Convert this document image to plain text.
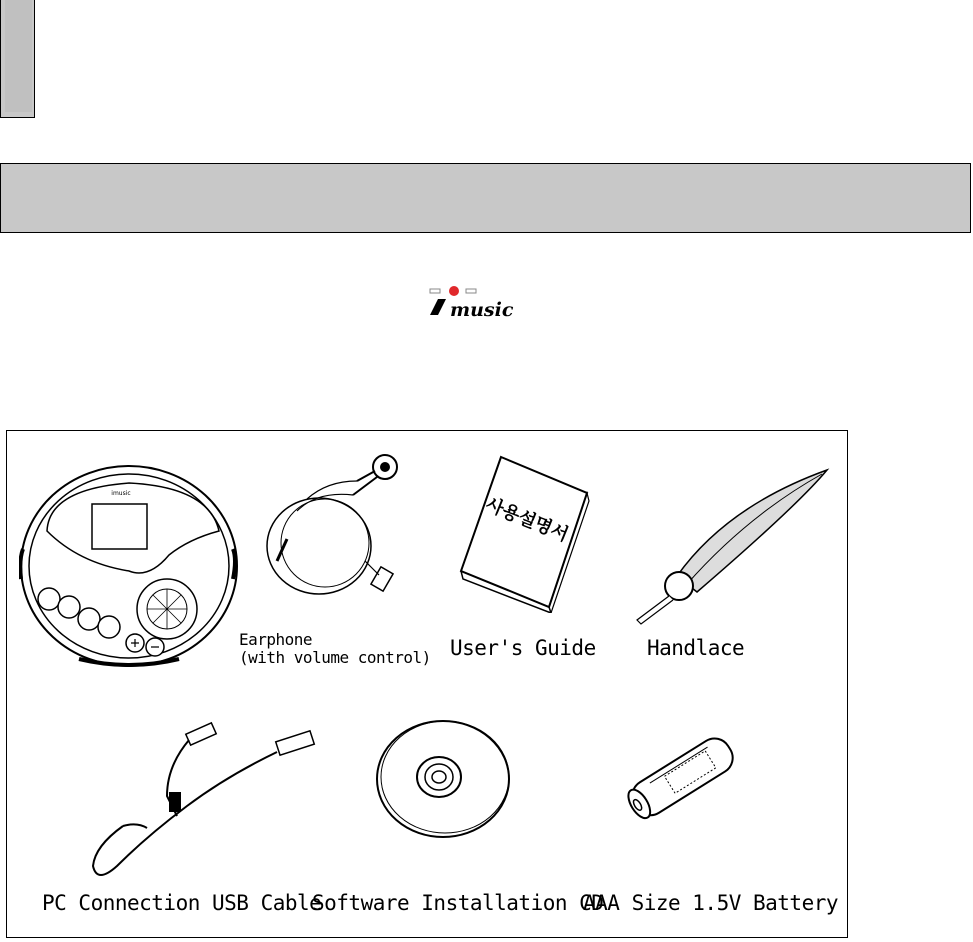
music
imusic
Earphone
(with volume control)
사용설명서
User's Guide Handlace
PC Connection USB Cable
Software Installation CD
AAA Size 1.5V Battery
